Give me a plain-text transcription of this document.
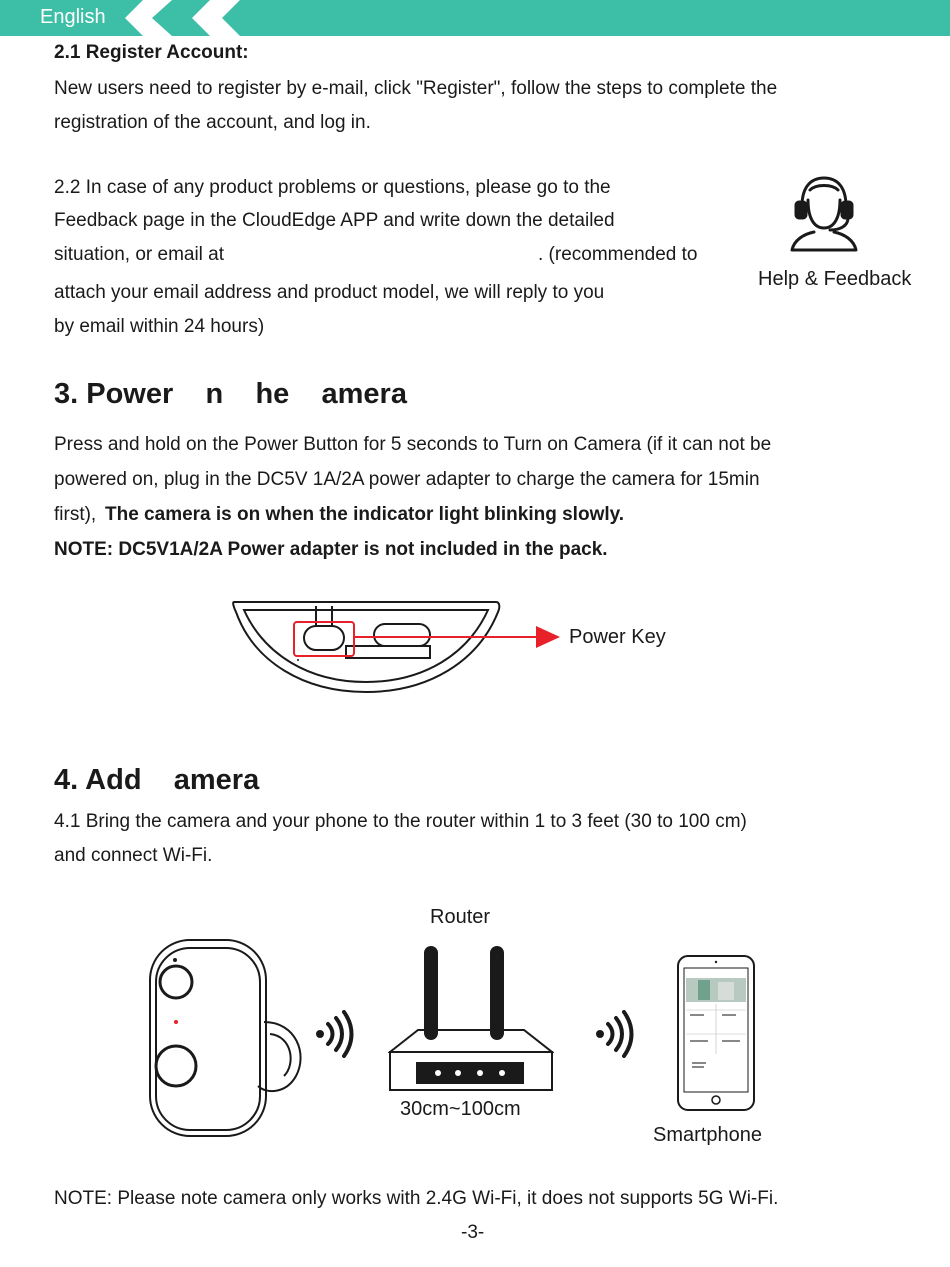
English
2.1 Register Account:
New users need to register by e-mail, click "Register", follow the steps to complete the
registration of the account, and log in.
2.2 In case of any product problems or questions, please go to the
Feedback page in the CloudEdge APP and write down the detailed
situation, or email at	. (recommended to
attach your email address and product model, we will reply to you
by email within 24 hours)
Help & Feedback
3. Power    n    he    amera
Press and hold on the Power Button for 5 seconds to Turn on Camera (if it can not be
powered on, plug in the DC5V 1A/2A power adapter to charge the camera for 15min
first), The camera is on when the indicator light blinking slowly.
NOTE: DC5V1A/2A Power adapter is not included in the pack.
Power Key
4. Add    amera
4.1 Bring the camera and your phone to the router within 1 to 3 feet (30 to 100 cm)
and connect Wi-Fi.
Router
30cm~100cm
Smartphone
NOTE: Please note camera only works with 2.4G Wi-Fi, it does not supports 5G Wi-Fi.
-3-
